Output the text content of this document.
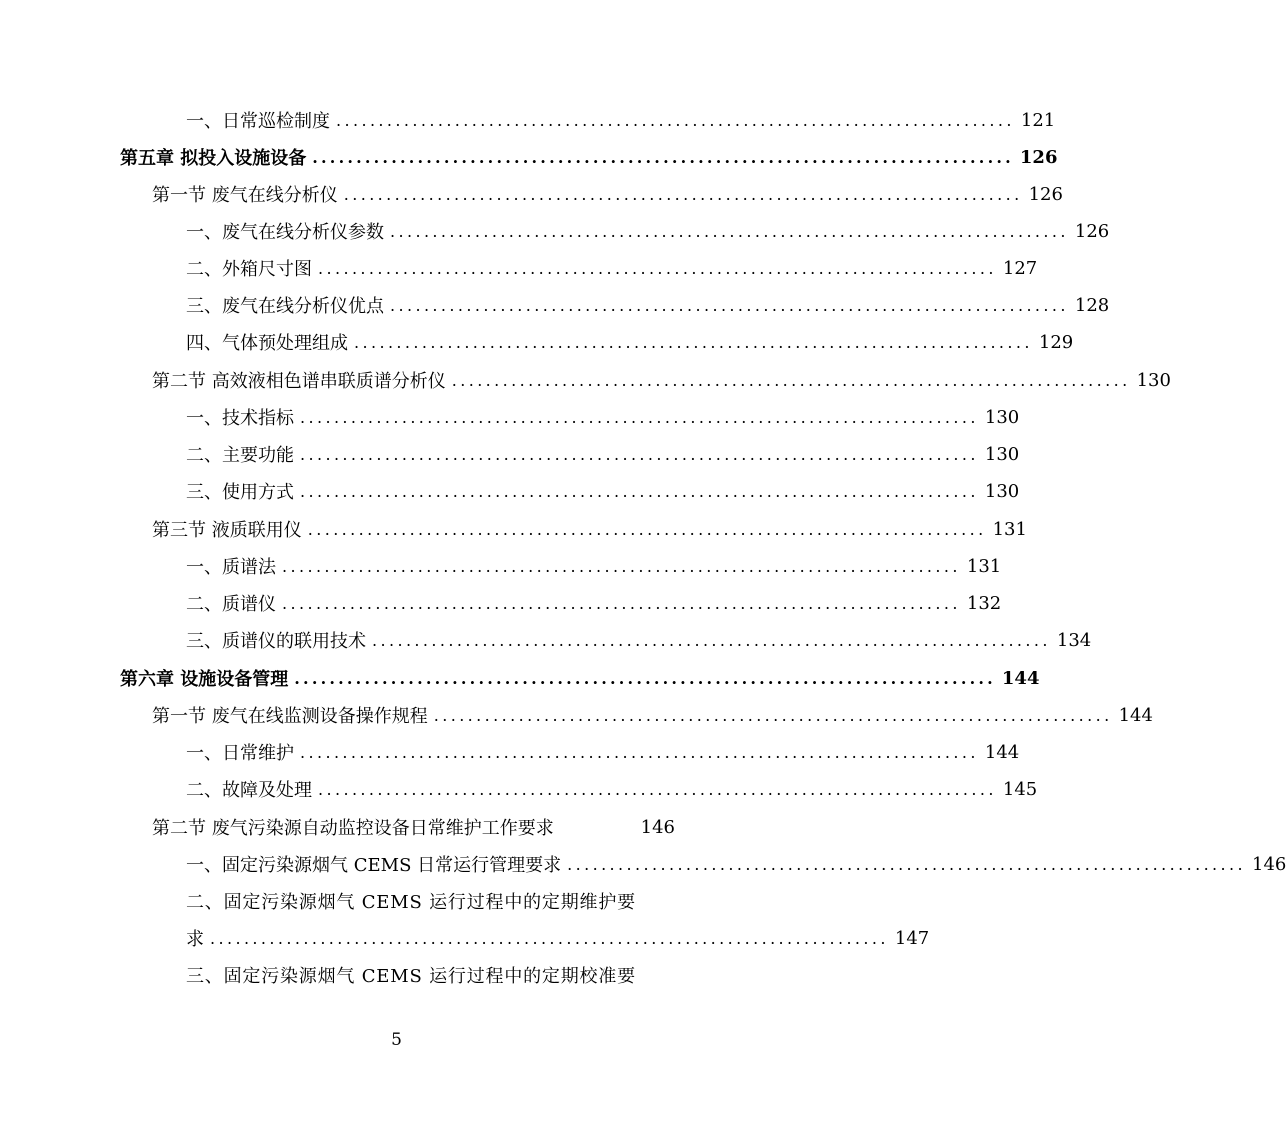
一、日常巡检制度 ................................................................................ 121
第五章 拟投入设施设备 ................................................................................ 126
第一节 废气在线分析仪 ................................................................................ 126
一、废气在线分析仪参数 ................................................................................ 126
二、外箱尺寸图 ................................................................................ 127
三、废气在线分析仪优点 ................................................................................ 128
四、气体预处理组成 ................................................................................ 129
第二节 高效液相色谱串联质谱分析仪 ................................................................................ 130
一、技术指标 ................................................................................ 130
二、主要功能 ................................................................................ 130
三、使用方式 ................................................................................ 130
第三节 液质联用仪 ................................................................................ 131
一、质谱法 ................................................................................ 131
二、质谱仪 ................................................................................ 132
三、质谱仪的联用技术 ................................................................................ 134
第六章 设施设备管理 ................................................................................ 144
第一节 废气在线监测设备操作规程 ................................................................................ 144
一、日常维护 ................................................................................ 144
二、故障及处理 ................................................................................ 145
第二节 废气污染源自动监控设备日常维护工作要求	146
一、固定污染源烟气 CEMS 日常运行管理要求 ................................................................................ 146
二、固定污染源烟气 CEMS 运行过程中的定期维护要
求 ................................................................................ 147
三、固定污染源烟气 CEMS 运行过程中的定期校准要
5
